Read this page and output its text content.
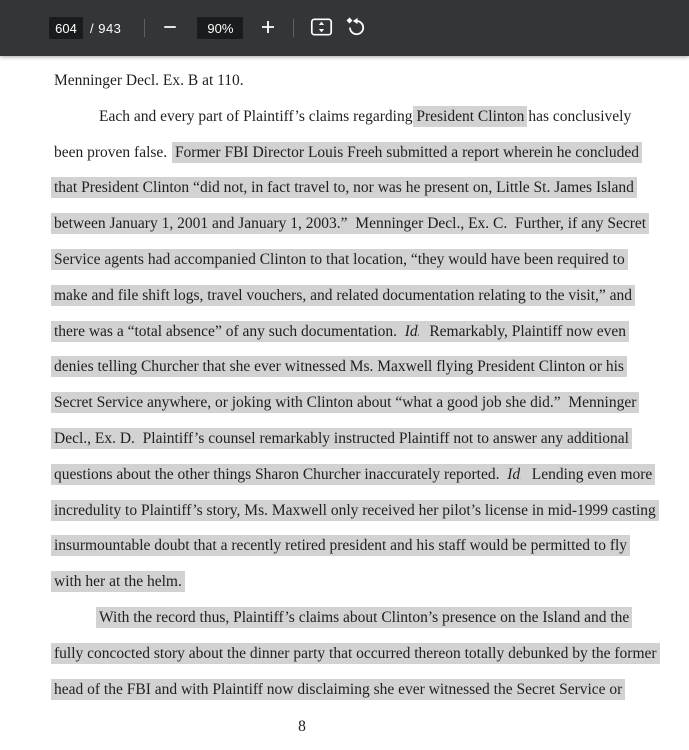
604
/ 943	90%
Menninger Decl. Ex. B at 110.
Each and every part of Plaintiff’s claims regarding President Clinton has conclusively
been proven false.  Former FBI Director Louis Freeh submitted a report wherein he concluded
that President Clinton “did not, in fact travel to, nor was he present on, Little St. James Island
between January 1, 2001 and January 1, 2003.”  Menninger Decl., Ex. C.  Further, if any Secret
Service agents had accompanied Clinton to that location, “they would have been required to
make and file shift logs, travel vouchers, and related documentation relating to the visit,” and
there was a “total absence” of any such documentation.  Id.  Remarkably, Plaintiff now even
denies telling Churcher that she ever witnessed Ms. Maxwell flying President Clinton or his
Secret Service anywhere, or joking with Clinton about “what a good job she did.”  Menninger
Decl., Ex. D.  Plaintiff’s counsel remarkably instructed Plaintiff not to answer any additional
questions about the other things Sharon Churcher inaccurately reported.  Id.  Lending even more
incredulity to Plaintiff’s story, Ms. Maxwell only received her pilot’s license in mid-1999 casting
insurmountable doubt that a recently retired president and his staff would be permitted to fly
with her at the helm.
With the record thus, Plaintiff’s claims about Clinton’s presence on the Island and the
fully concocted story about the dinner party that occurred thereon totally debunked by the former
head of the FBI and with Plaintiff now disclaiming she ever witnessed the Secret Service or
8
